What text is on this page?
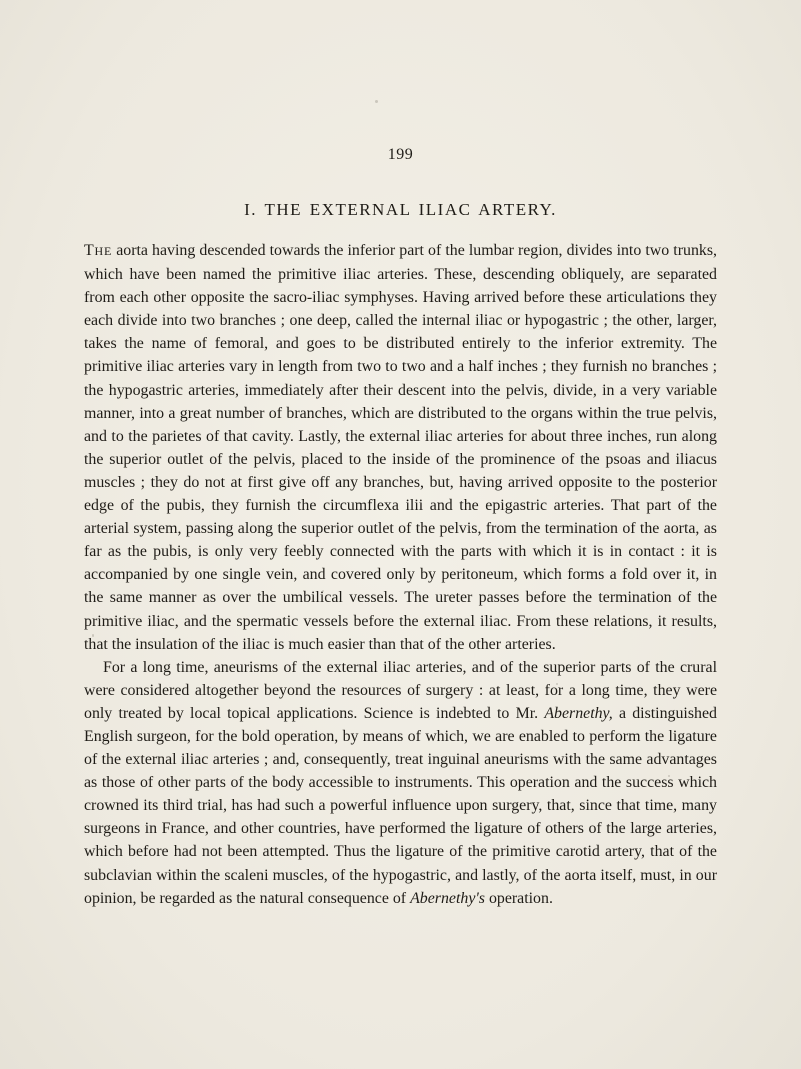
199
I. THE EXTERNAL ILIAC ARTERY.

THE aorta having descended towards the inferior part of the lumbar region, divides into two trunks, which have been named the primitive iliac arteries. These, descending obliquely, are separated from each other opposite the sacro-iliac symphyses. Having arrived before these articulations they each divide into two branches ; one deep, called the internal iliac or hypogastric ; the other, larger, takes the name of femoral, and goes to be distributed entirely to the inferior extremity. The primitive iliac arteries vary in length from two to two and a half inches ; they furnish no branches ; the hypogastric arteries, immediately after their descent into the pelvis, divide, in a very variable manner, into a great number of branches, which are distributed to the organs within the true pelvis, and to the parietes of that cavity. Lastly, the external iliac arteries for about three inches, run along the superior outlet of the pelvis, placed to the inside of the prominence of the psoas and iliacus muscles ; they do not at first give off any branches, but, having arrived opposite to the posterior edge of the pubis, they furnish the circumflexa ilii and the epigastric arteries. That part of the arterial system, passing along the superior outlet of the pelvis, from the termination of the aorta, as far as the pubis, is only very feebly connected with the parts with which it is in contact : it is accompanied by one single vein, and covered only by peritoneum, which forms a fold over it, in the same manner as over the umbilical vessels. The ureter passes before the termination of the primitive iliac, and the spermatic vessels before the external iliac. From these relations, it results, that the insulation of the iliac is much easier than that of the other arteries.

For a long time, aneurisms of the external iliac arteries, and of the superior parts of the crural were considered altogether beyond the resources of surgery : at least, for a long time, they were only treated by local topical applications. Science is indebted to Mr. Abernethy, a distinguished English surgeon, for the bold operation, by means of which, we are enabled to perform the ligature of the external iliac arteries ; and, consequently, treat inguinal aneurisms with the same advantages as those of other parts of the body accessible to instruments. This operation and the success which crowned its third trial, has had such a powerful influence upon surgery, that, since that time, many surgeons in France, and other countries, have performed the ligature of others of the large arteries, which before had not been attempted. Thus the ligature of the primitive carotid artery, that of the subclavian within the scaleni muscles, of the hypogastric, and lastly, of the aorta itself, must, in our opinion, be regarded as the natural consequence of Abernethy's operation.
